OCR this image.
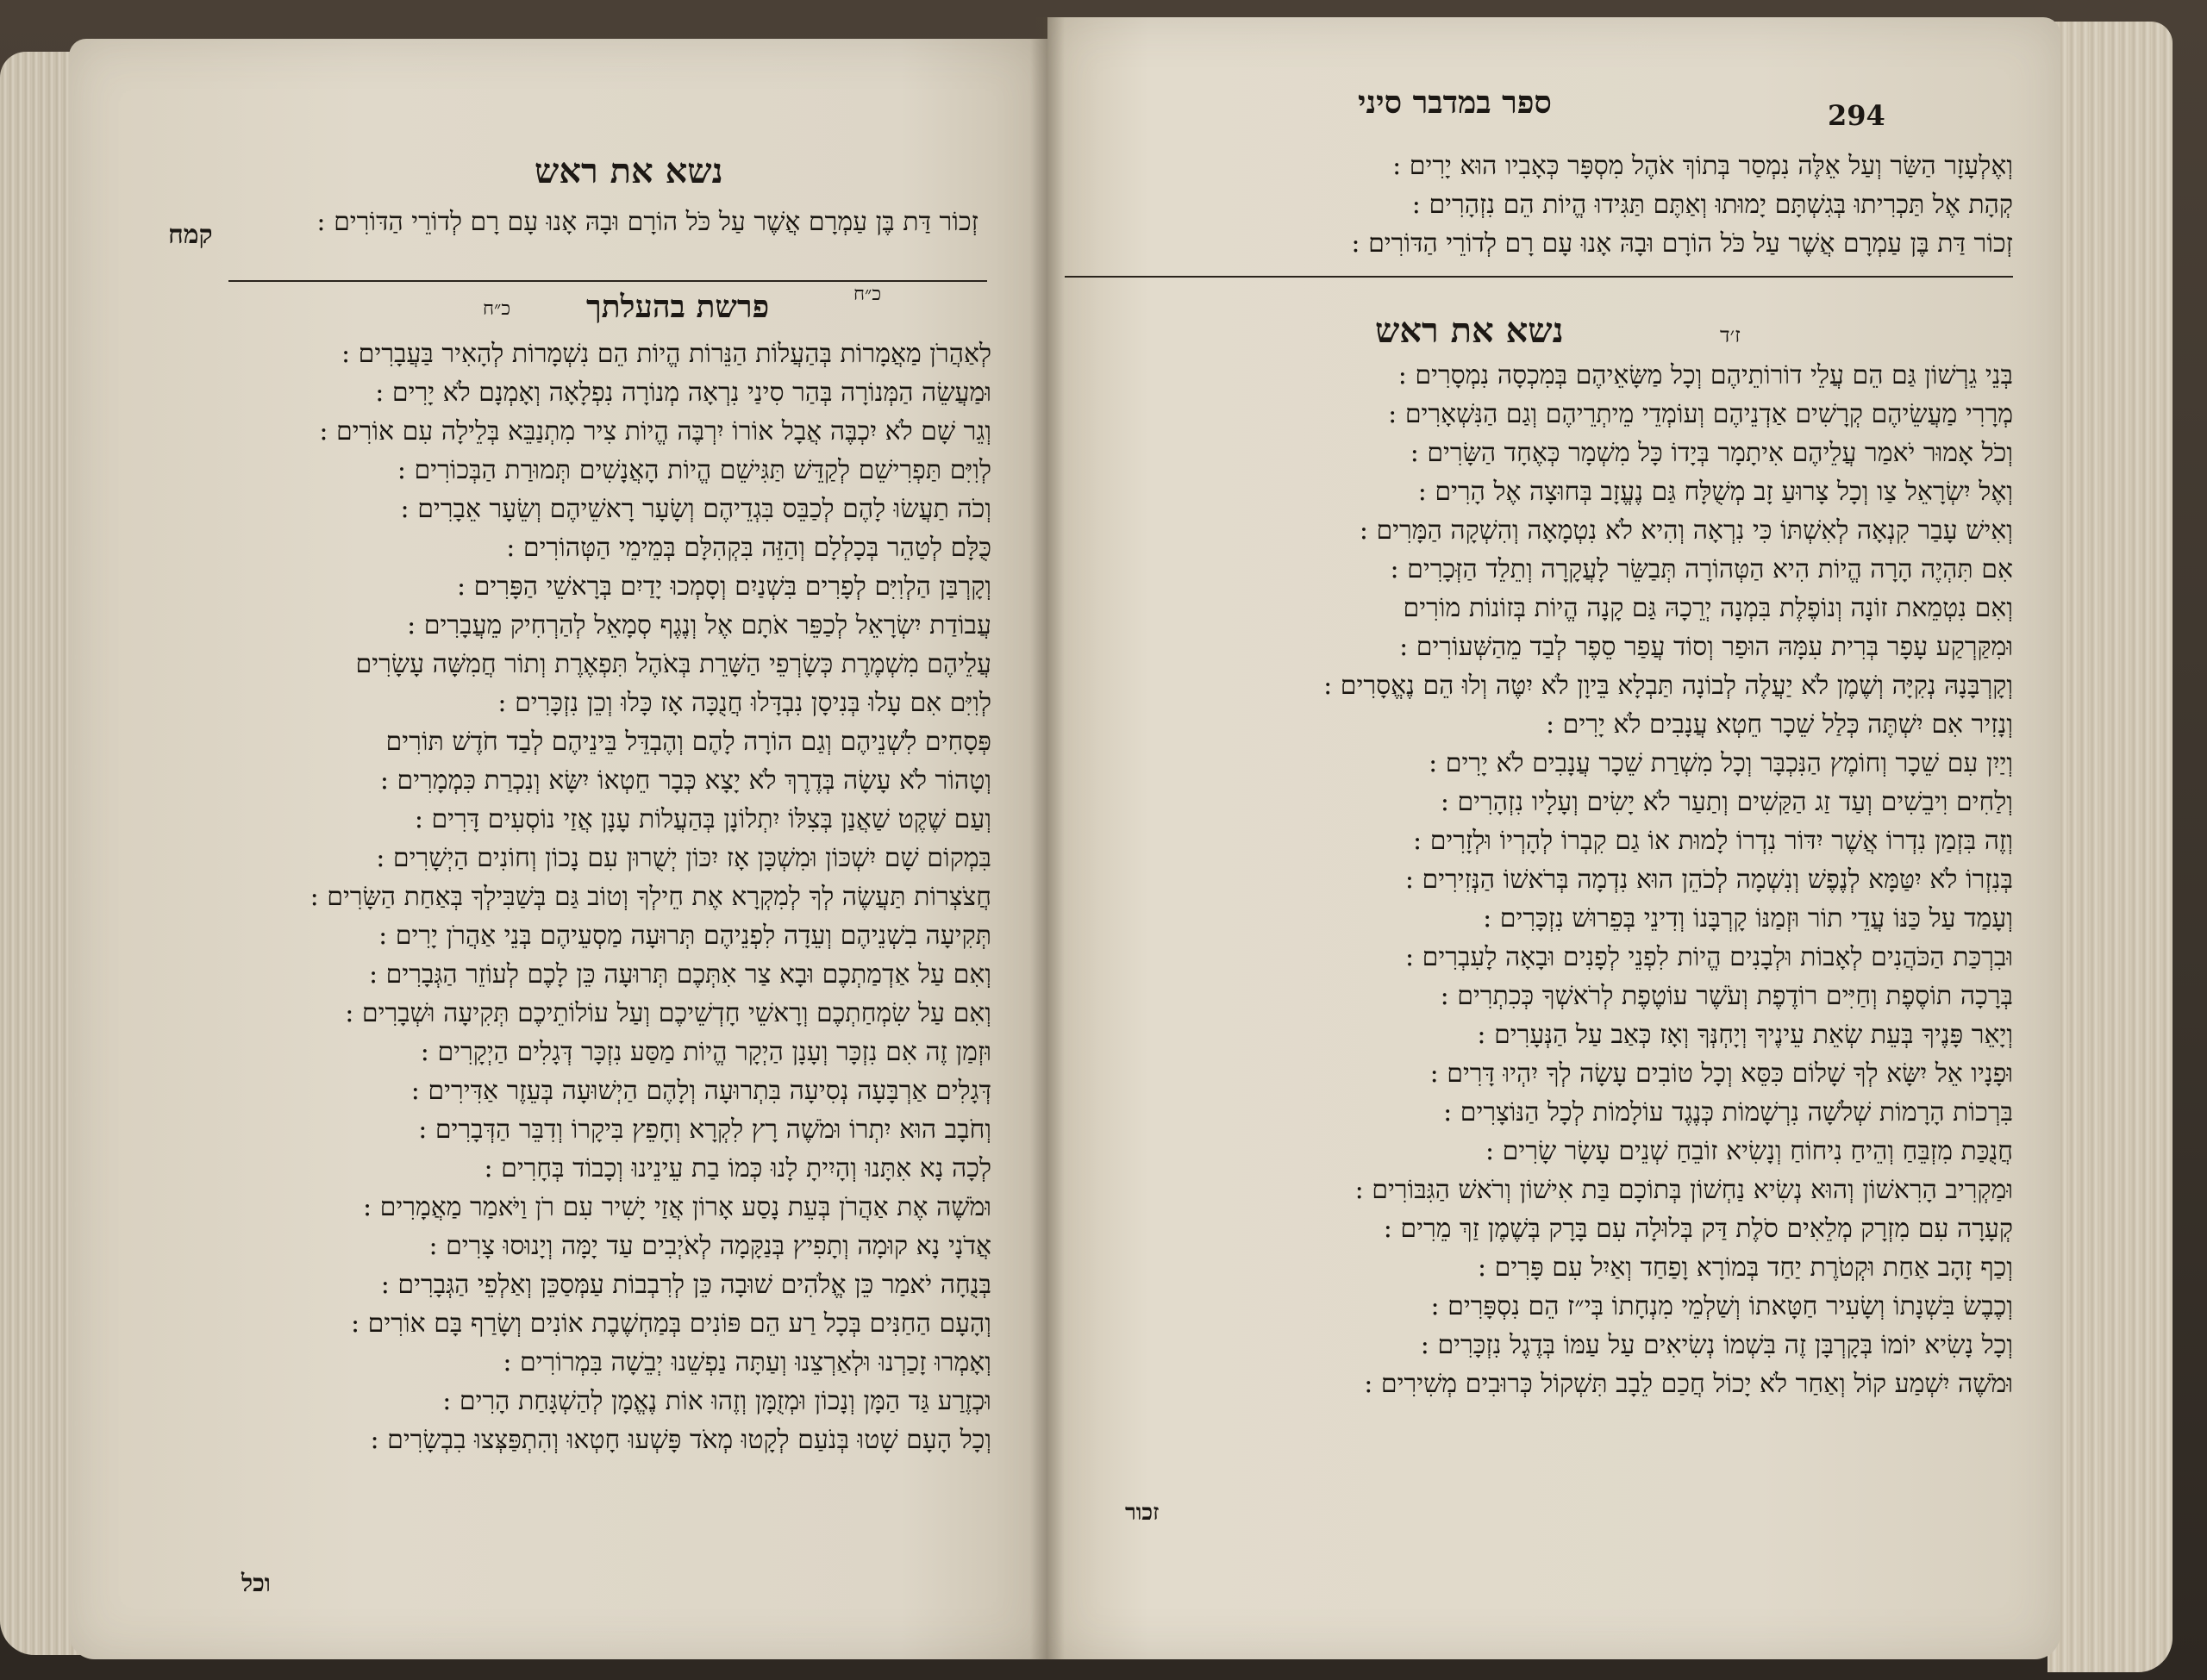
נשא את ראש
קמח	זְכוֹר דַּת בֶּן עַמְרָם אֲשֶׁר עַל כֹּל הוֹרָם וּבָהּ אָנוּ עָם רָם לְדוֹרֵי הַדּוֹרִים :
כ״ח
פרשת בהעלתך
כ״ח
לְאַהֲרֹן מַאֲמָרוֹת בְּהַעֲלוֹת הַנֵּרוֹת הֱיוֹת הֵם נִשְׁמָרוֹת לְהָאִיר בַּעֲבָרִים :
וּמַעֲשֵׂה הַמְּנוֹרָה בְּהַר סִינַי נִרְאָה מְנוֹרָה נִפְלָאָה וְאָמְנָם לֹא יָרִים :
וְגֵר שָׁם לֹא יִכְבֶּה אֲבָל אוֹרוֹ יִרְבֶּה הֱיוֹת צִיר מִתְנַבֵּא בְּלֵילָה עִם אוֹרִים :
לְוִיִּם תַּפְרִישֵׁם לְקַדֵּשׁ תַּגִּישֵׁם הֱיוֹת הָאֲנָשִׁים תְּמוּרַת הַבְּכוֹרִים :
וְכֹה תַעֲשׂוּ לָהֶם לְכַבֵּס בִּגְדֵיהֶם וְשָׂעָר רָאשֵׁיהֶם וְשֵׂעָר אֵבָרִים :
כֻּלָּם לְטַהֵר בְּכָלְלָם וְהַזֵּה בִּקְהִלָּם בְּמֵימֵי הַטְּהוֹרִים :
וְקָרְבַּן הַלְוִיִּם לְפָרִים בִּשְׁנַיִם וְסָמְכוּ יָדַיִם בְּרָאשֵׁי הַפָּרִים :
עֲבוֹדַת יִשְׂרָאֵל לְכַפֵּר אֹתָם אֶל וְנֶגֶף סְמָאֵל לְהַרְחִיק מֵעֲבָרִים :
עֲלֵיהֶם מִשְׁמֶרֶת כְּשָׂרְפֵי הַשָּׁרֵת בְּאֹהֶל תִּפְאֶרֶת וְתוֹר חֲמִשָּׁה עָשָׂרִים
לְוִיִּם אִם עָלוּ בְּנִיסָן נִבְדָּלוּ חֲנֻכָּה אָז כָּלוּ וְכֵן נִזְכָּרִים :
פְּסָחִים לִשְׁנֵיהֶם וְגַם הוֹרָה לָהֶם וְהֶבְדֵּל בֵּינֵיהֶם לְבַד חֹדֶשׁ תּוֹרִים
וְטָהוֹר לֹא עָשָׂה בְּדֶרֶךְ לֹא יָצָא כְּבָר חֵטְאוֹ יִשָּׂא וְנִכְרַת כִּמְמָרִים :
וְעַם שֶׁקֶט שַׁאֲנַן בְּצִלּוֹ יִתְלוֹנָן בְּהַעֲלוֹת עָנָן אֲזַי נוֹסְעִים דָּרִים :
בִּמְקוֹם שָׁם יִשְׁכּוֹן וּמִשְׁכָּן אָז יִכּוֹן יְשֻׁרוּן עִם נָכוֹן וְחוֹנִים הַיְשָׁרִים :
חֲצֹצְרוֹת תַּעֲשֶׂה לְךָ לְמִקְרָא אֶת חֵילְךָ וְטוֹב גַּם בְּשַׁבִּילְךָ בְּאַחַת הַשָּׂרִים :
תְּקִיעָה בִשְׁנֵיהֶם וְעֵדָה לִפְנֵיהֶם תְּרוּעָה מַסְעֵיהֶם בְּנֵי אַהֲרֹן יָרִים :
וְאִם עַל אַדְמַתְכֶם וּבָא צַר אִתְּכֶם תְּרוּעָה כֵּן לָכֶם לְעוֹזֵר הַגְּבָרִים :
וְאִם עַל שִׂמְחַתְכֶם וְרָאשֵׁי חָדְשֵׁיכֶם וְעַל עוֹלוֹתֵיכֶם תְּקִיעָה וּשְׁבָרִים :
וּזְמַן זֶה אִם נִזְכָּר וְעָנָן הַיְקָר הֱיוֹת מַסַּע נִזְכָּר דְּגָלִים הַיְקָרִים :
דְּגָלִים אַרְבָּעָה נְסִיעָה בִּתְרוּעָה וְלָהֶם הַיְשׁוּעָה בְּעֵזֶר אַדִּירִים :
וְחֹבָב הוּא יִתְרוֹ וּמֹשֶׁה רָץ לִקְרָא וְחָפֵץ בִּיקָרוֹ וְדִבֵּר הַדְּבָרִים :
לְכָה נָא אִתָּנוּ וְהָיִיתָ לָנוּ כְּמוֹ בַת עֵינֵינוּ וְכָבוֹד בְּחָרִים :
וּמֹשֶׁה אֶת אַהֲרֹן בְּעֵת נָסַע אָרוֹן אֲזַי יָשִׁיר עִם רֹן וַיֹּאמַר מַאֲמָרִים :
אֲדֹנָי נָא קוּמָה וְתָפִיץ בְּנַקָּמָה לְאֹיְבִים עַד יָמָּה וְיָנוּסוּ צָרִים :
בְּנֻחָה יֹאמַר כֵּן אֱלֹהִים שׁוּבָה כֵּן לְרִבְבוֹת עַמְּסַכֵּן וְאַלְפֵי הַגְּבָרִים :
וְהָעָם הַחַנִּים בְּכָל רַע הֵם פּוֹנִים בְּמַחְשֶׁבֶת אוֹנִים וְשָׂרַף בָּם אוֹרִים :
וְאָמְרוּ זָכַרְנוּ וּלְאַרְצֵנוּ וְעַתָּה נַפְשֵׁנוּ יְבֵשָׁה בִּמְרוֹרִים :
וּכְזֶרַע גַּד הַמָּן וְנָכוֹן וּמְזֻמָּן וְזֶהוּ אוֹת נֶאֱמָן לְהַשְׁגָּחַת הָרִים :
וְכָל הָעָם שָׁטוּ בְּנֹעַם לְקָטוּ מְאֹד פָּשְׁעוּ חָטְאוּ וְהִתְפַּצְּצוּ בִבְשָׂרִים :
וכל
ספר במדבר סיני	294
וְאֶלְעָזָר הַשַּׂר וְעַל אֵלֶּה נִמְסַר בְּתוֹךְ אֹהֶל מִסְפָּר כְּאָבִיו הוּא יָרִים :
קְהָת אֶל תַּכְרִיתוּ בְּגִשְׁתָּם יָמוּתוּ וְאַתֶּם תַּגִּידוּ הֱיוֹת הֵם נִזְהָרִים :
זְכוֹר דַּת בֶּן עַמְרָם אֲשֶׁר עַל כֹּל הוֹרָם וּבָהּ אָנוּ עָם רָם לְדוֹרֵי הַדּוֹרִים :
ז׳ד
נשא את ראש
בְּנֵי גֵרְשׁוֹן גַּם הֵם עֲלֵי דוֹרוֹתֵיהֶם וְכָל מַשָּׂאֵיהֶם בְּמִכְסָה נִמְסָרִים :
מְרָרִי מַעֲשֵׂיהֶם קְרָשִׁים אַדְנֵיהֶם וְעוֹמְדֵי מֵיתְרֵיהֶם וְגַם הַנִּשְׁאָרִים :
וְכֹל אָמוּר יֹאמַר עֲלֵיהֶם אִיתָמָר בְּיָדוֹ כָּל מִשְׁמָר כְּאֶחָד הַשָּׂרִים :
וְאֶל יִשְׂרָאֵל צַו וְכָל צָרוּעַ זָב מְשֻׁלָּח גַּם נֶעֱזָב בְּחוּצָה אֶל הָרִים :
וְאִישׁ עָבַר קִנְאָה לְאִשְׁתּוֹ כִּי נִרְאָה וְהִיא לֹא נִטְמָאָה וְהִשְׁקָה הַמָּרִים :
אִם תִּהְיֶה הָרָה הֱיוֹת הִיא הַטְּהוֹרָה תְּבַשֵּׂר לָעֲקָרָה וְתֵלֵד הַזְּכָרִים :
וְאִם נִטְמֵאת זוֹנָה וְנוֹפֶלֶת בִּמְנָה יְרֵכָהּ גַּם קָנָה הֱיוֹת בְּזוֹנוֹת מוֹרִים
וּמִקַּרְקַע עָפָר בְּרִית עִמָּהּ הוּפַר וְסוֹד עֲפַר סֵפֶר לְבַד מֵהַשְּׁעוֹרִים :
וְקָרְבָּנָהּ נְקִיָּה וְשֶׁמֶן לֹא יַעֲלֶה לְבוֹנָה תַּבְלָא בֵּיוָן לֹא יִטֶּה וְלוּ הֵם נֶאֱסָרִים :
וְנָזִיר אִם יִשְׁתֶּה כְּלַל שֵׁכָר חֵטְא עֲנָבִים לֹא יָרִים :
וְיַיִן עִם שֵׁכָר וְחוֹמֶץ הַנִּכְבָּר וְכָל מִשְׁרַת שֵׁכָר עֲנָבִים לֹא יָרִים :
וְלַחִים וִיבֵשִׁים וְעַד זַג הַקַּשִׁים וְתַעַר לֹא יָשִׂים וְעָלָיו נִזְהָרִים :
וְזֶה בִּזְמַן נִדְרוֹ אֲשֶׁר יִדּוֹר נִדְרוֹ לָמוּת אוֹ גַם קִבְרוֹ לְהָרְיוֹ וּלְזָרִים :
בְּנִזְרוֹ לֹא יִטַּמָּא לְנֶפֶשׁ וְנִשְׁמָה לְכֹהֵן הוּא נִדְמָה בְּרֹאשׁוֹ הַנְּזִירִים :
וְעָמַד עַל כַּנּוֹ עֲדֵי תוֹר וּזְמַנּוֹ קָרְבָּנוֹ וְדִינֵי בְּפֵרוּשׁ נִזְכָּרִים :
וּבִרְכַּת הַכֹּהֲנִים לְאָבוֹת וּלְבָנִים הֱיוֹת לִפְנֵי לְפָנִים וּבָאָה לָעִבְרִים :
בְּרָכָה תוֹסֶפֶת וְחַיִּים רוֹדֶפֶת וְעֹשֶׁר עוֹטֶפֶת לְרֹאשְׁךָ כְּכִתְרִים :
וְיָאֵר פָּנֶיךָ בְּעֵת שְׂאֵת עֵינֶיךָ וְיָחְנְּךָ וְאָז כְּאַב עַל הַנְּעָרִים :
וּפָנָיו אֵל יִשָּׂא לְךָ שָׁלוֹם כִּסֵּא וְכָל טוֹבִים עָשָׂה לְךָ יִהְיוּ דָּרִים :
בִּרְכוֹת הָרָמוֹת שְׁלֹשָׁה נִרְשָׁמוֹת כְּנֶגֶד עוֹלָמוֹת לְכָל הַנּוֹצָרִים :
חֲנֻכַּת מִזְבֵּחַ וְהֵיחַ נִיחוֹחַ וְנָשִׂיא זוֹבֵחַ שְׁנֵים עָשָׂר שָׂרִים :
וּמַקְרִיב הָרִאשׁוֹן וְהוּא נְשִׂיא נַחְשׁוֹן בְּתוֹכָם בַּת אִישׁוֹן וְרֹאשׁ הַגִּבּוֹרִים :
קְעָרָה עִם מִזְרָק מְלֵאִים סֹלֶת דַּק בְּלוּלָה עִם בָּרָק בְּשֶׁמֶן זַךְ מֵרִים :
וְכַף זָהָב אַחַת וּקְטֹרֶת יַחַד בְּמוֹרָא וָפַחַד וְאַיִל עִם פָּרִים :
וְכֶבֶשׂ בִּשְׁנָתוֹ וְשָׂעִיר חַטָּאתוֹ וְשַׁלְמֵי מִנְחָתוֹ בְּי״ז הֵם נִסְפָּרִים :
וְכָל נָשִׂיא יוֹמוֹ בְּקָרְבָּן זֶה בִּשְׁמוֹ נְשִׂיאִים עַל עַמּוֹ בְּדֶגֶל נִזְכָּרִים :
וּמֹשֶׁה יִשְׁמַע קוֹל וְאַחַר לֹא יָכוֹל חֲכַם לֵבָב תִּשְׁקוֹל כְּרוּבִים מְשִׁירִים :
זכור
